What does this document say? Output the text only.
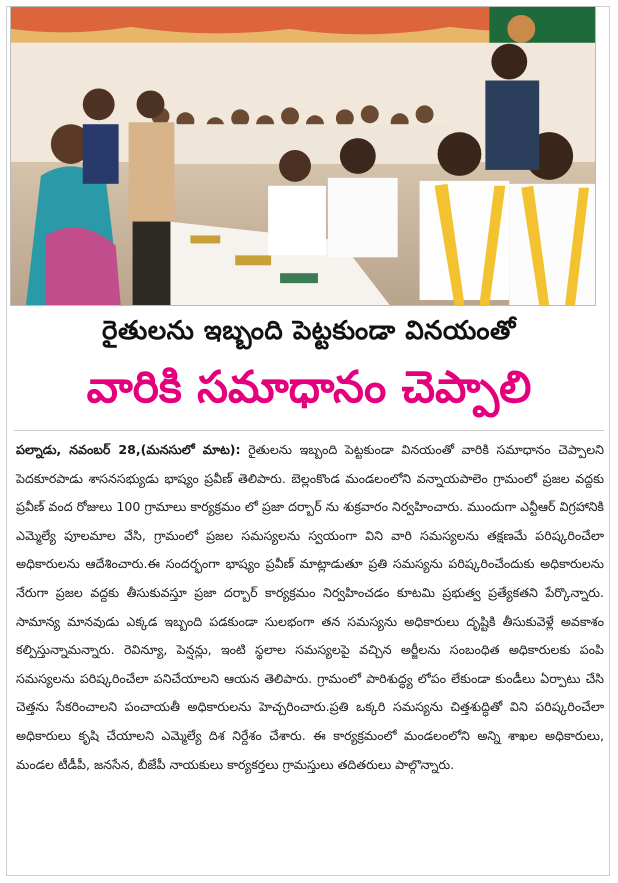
రైతులను ఇబ్బంది పెట్టకుండా వినయంతో
వారికి సమాధానం చెప్పాలి
పల్నాడు, నవంబర్ 28,(మనసులో మాట): రైతులను ఇబ్బంది పెట్టకుండా వినయంతో వారికి సమాధానం చెప్పాలని పెదకూరపాడు శాసనసభ్యుడు భాష్యం ప్రవీణ్ తెలిపారు. బెల్లంకొండ మండలంలోని వన్నాయపాలెం గ్రామంలో ప్రజల వద్దకు ప్రవీణ్ వంద రోజులు 100 గ్రామాలు కార్యక్రమం లో ప్రజా దర్బార్ ను శుక్రవారం నిర్వహించారు. ముందుగా ఎన్టీఆర్ విగ్రహానికి ఎమ్మెల్యే పూలమాల వేసి, గ్రామంలో ప్రజల సమస్యలను స్వయంగా విని వారి సమస్యలను తక్షణమే పరిష్కరించేలా అధికారులను ఆదేశించారు.ఈ సందర్భంగా భాష్యం ప్రవీణ్ మాట్లాడుతూ ప్రతి సమస్యను పరిష్కరించేందుకు అధికారులను నేరుగా ప్రజల వద్దకు తీసుకువస్తూ ప్రజా దర్బార్ కార్యక్రమం నిర్వహించడం కూటమి ప్రభుత్వ ప్రత్యేకతని పేర్కొన్నారు. సామాన్య మానవుడు ఎక్కడ ఇబ్బంది పడకుండా సులభంగా తన సమస్యను అధికారులు దృష్టికి తీసుకువెళ్లే అవకాశం కల్పిస్తున్నామన్నారు. రెవిన్యూ, పెన్షన్లు, ఇంటి స్థలాల సమస్యలపై వచ్చిన అర్జీలను సంబంధిత అధికారులకు పంపి సమస్యలను పరిష్కరించేలా పనిచేయాలని ఆయన తెలిపారు. గ్రామంలో పారిశుద్ధ్య లోపం లేకుండా కుండీలు ఏర్పాటు చేసి చెత్తను సేకరించాలని పంచాయతీ అధికారులను హెచ్చరించారు.ప్రతి ఒక్కరి సమస్యను చిత్తశుద్ధితో విని పరిష్కరించేలా అధికారులు కృషి చేయాలని ఎమ్మెల్యే దిశ నిర్దేశం చేశారు. ఈ కార్యక్రమంలో మండలంలోని అన్ని శాఖల అధికారులు, మండల టీడీపీ, జనసేన, బీజేపీ నాయకులు కార్యకర్తలు గ్రామస్తులు తదితరులు పాల్గొన్నారు.
